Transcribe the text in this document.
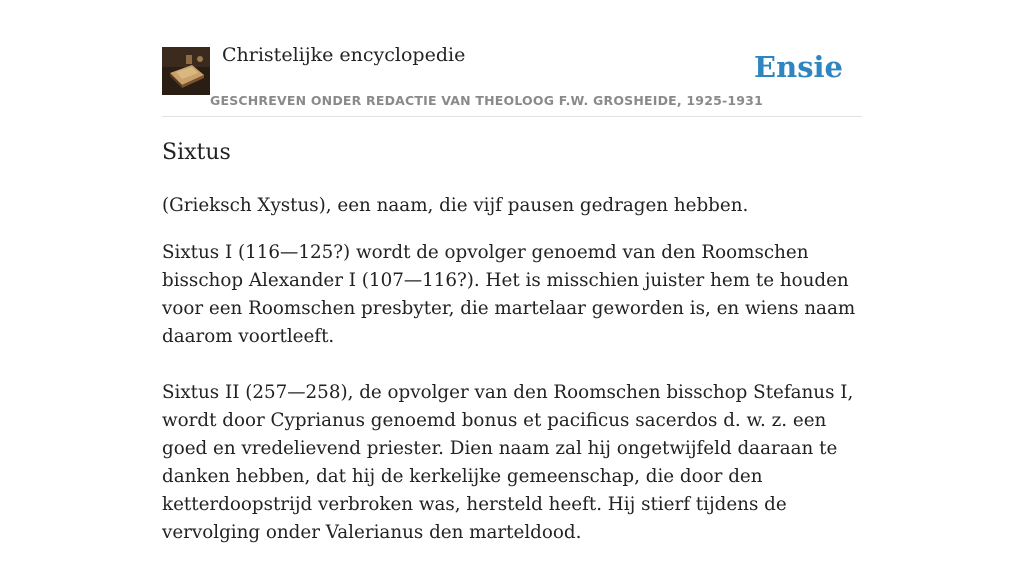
Christelijke encyclopedie
GESCHREVEN ONDER REDACTIE VAN THEOLOOG F.W. GROSHEIDE, 1925-1931
Ensie
Sixtus

(Grieksch Xystus), een naam, die vijf pausen gedragen hebben.

Sixtus I (116—125?) wordt de opvolger genoemd van den Roomschen bisschop Alexander I (107—116?). Het is misschien juister hem te houden voor een Roomschen presbyter, die martelaar geworden is, en wiens naam daarom voortleeft.

Sixtus II (257—258), de opvolger van den Roomschen bisschop Stefanus I, wordt door Cyprianus genoemd bonus et pacificus sacerdos d. w. z. een goed en vredelievend priester. Dien naam zal hij ongetwijfeld daaraan te danken hebben, dat hij de kerkelijke gemeenschap, die door den ketterdoopstrijd verbroken was, hersteld heeft. Hij stierf tijdens de vervolging onder Valerianus den marteldood.
